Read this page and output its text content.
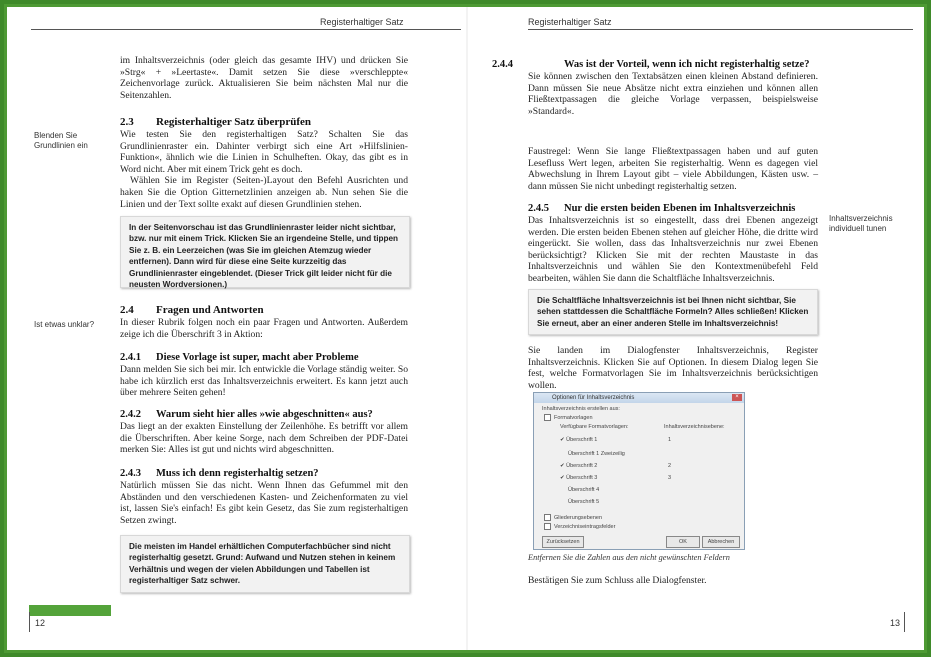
Registerhaltiger Satz
im Inhaltsverzeichnis (oder gleich das gesamte IHV) und drücken Sie »Strg« + »Leertaste«. Damit setzen Sie diese »verschleppte« Zeichenvorlage zurück. Aktualisieren Sie beim nächsten Mal nur die Seitenzahlen.
2.3 Registerhaltiger Satz überprüfen

Wie testen Sie den registerhaltigen Satz? Schalten Sie das Grundlinienraster ein. Dahinter verbirgt sich eine Art »Hilfslinien-Funktion«, ähnlich wie die Linien in Schulheften. Okay, das gibt es in Word nicht. Aber mit einem Trick geht es doch.

Wählen Sie im Register (Seiten-)Layout den Befehl Ausrichten und haken Sie die Option Gitternetzlinien anzeigen ab. Nun sehen Sie die Linien und der Text sollte exakt auf diesen Grundlinien stehen.

Blenden Sie Grundlinien ein
In der Seitenvorschau ist das Grundlinienraster leider nicht sichtbar, bzw. nur mit einem Trick. Klicken Sie an irgendeine Stelle, und tippen Sie z. B. ein Leerzeichen (was Sie im gleichen Atemzug wieder entfernen). Dann wird für diese eine Seite kurzzeitig das Grundlinienraster eingeblendet. (Dieser Trick gilt leider nicht für die neusten Wordversionen.)
2.4 Fragen und Antworten

In dieser Rubrik folgen noch ein paar Fragen und Antworten. Außerdem zeige ich die Überschrift 3 in Aktion:

Ist etwas unklar?
2.4.1 Diese Vorlage ist super, macht aber Probleme

Dann melden Sie sich bei mir. Ich entwickle die Vorlage ständig weiter. So habe ich kürzlich erst das Inhaltsverzeichnis erweitert. Es kann jetzt auch über mehrere Seiten gehen!

2.4.2 Warum sieht hier alles »wie abgeschnitten« aus?

Das liegt an der exakten Einstellung der Zeilenhöhe. Es betrifft vor allem die Überschriften. Aber keine Sorge, nach dem Schreiben der PDF-Datei merken Sie: Alles ist gut und nichts wird abgeschnitten.

2.4.3 Muss ich denn registerhaltig setzen?

Natürlich müssen Sie das nicht. Wenn Ihnen das Gefummel mit den Abständen und den verschiedenen Kasten- und Zeichenformaten zu viel ist, lassen Sie's einfach! Es gibt kein Gesetz, das Sie zum registerhaltigen Setzen zwingt.

Die meisten im Handel erhältlichen Computerfachbücher sind nicht registerhaltig gesetzt. Grund: Aufwand und Nutzen stehen in keinem Verhältnis und wegen der vielen Abbildungen und Tabellen ist registerhaltiger Satz schwer.
12
Registerhaltiger Satz
2.4.4	Was ist der Vorteil, wenn ich nicht registerhaltig setze?

Sie können zwischen den Textabsätzen einen kleinen Abstand definieren. Dann müssen Sie neue Absätze nicht extra einziehen und können allen Fließtextpassagen die gleiche Vorlage verpassen, beispielsweise »Standard«.

Faustregel: Wenn Sie lange Fließtextpassagen haben und auf guten Lesefluss Wert legen, arbeiten Sie registerhaltig. Wenn es dagegen viel Abwechslung in Ihrem Layout gibt – viele Abbildungen, Kästen usw. – dann müssen Sie nicht unbedingt registerhaltig setzen.
2.4.5 Nur die ersten beiden Ebenen im Inhaltsverzeichnis

Das Inhaltsverzeichnis ist so eingestellt, dass drei Ebenen angezeigt werden. Die ersten beiden Ebenen stehen auf gleicher Höhe, die dritte wird eingerückt. Sie wollen, dass das Inhaltsverzeichnis nur zwei Ebenen berücksichtigt? Klicken Sie mit der rechten Maustaste in das Inhaltsverzeichnis und wählen Sie den Kontextmenübefehl Feld bearbeiten, wählen Sie dann die Schaltfläche Inhaltsverzeichnis.

Inhaltsverzeichnis individuell tunen
Die Schaltfläche Inhaltsverzeichnis ist bei Ihnen nicht sichtbar, Sie sehen stattdessen die Schaltfläche Formeln? Alles schließen! Klicken Sie erneut, aber an einer anderen Stelle im Inhaltsverzeichnis!
Sie landen im Dialogfenster Inhaltsverzeichnis, Register Inhaltsverzeichnis. Klicken Sie auf Optionen. In diesem Dialog legen Sie fest, welche Formatvorlagen Sie im Inhaltsverzeichnis berücksichtigen wollen.
Optionen für Inhaltsverzeichnis	×
Inhaltsverzeichnis erstellen aus:
Formatvorlagen
Verfügbare Formatvorlagen:	Inhaltsverzeichnisebene:
✔ Überschrift 1	1
Überschrift 1 Zweizeilig
✔ Überschrift 2	2
✔ Überschrift 3	3
Überschrift 4
Überschrift 5
Gliederungsebenen
Verzeichniseintragsfelder
Zurücksetzen	OK	Abbrechen
Entfernen Sie die Zahlen aus den nicht gewünschten Feldern
Bestätigen Sie zum Schluss alle Dialogfenster.
13
